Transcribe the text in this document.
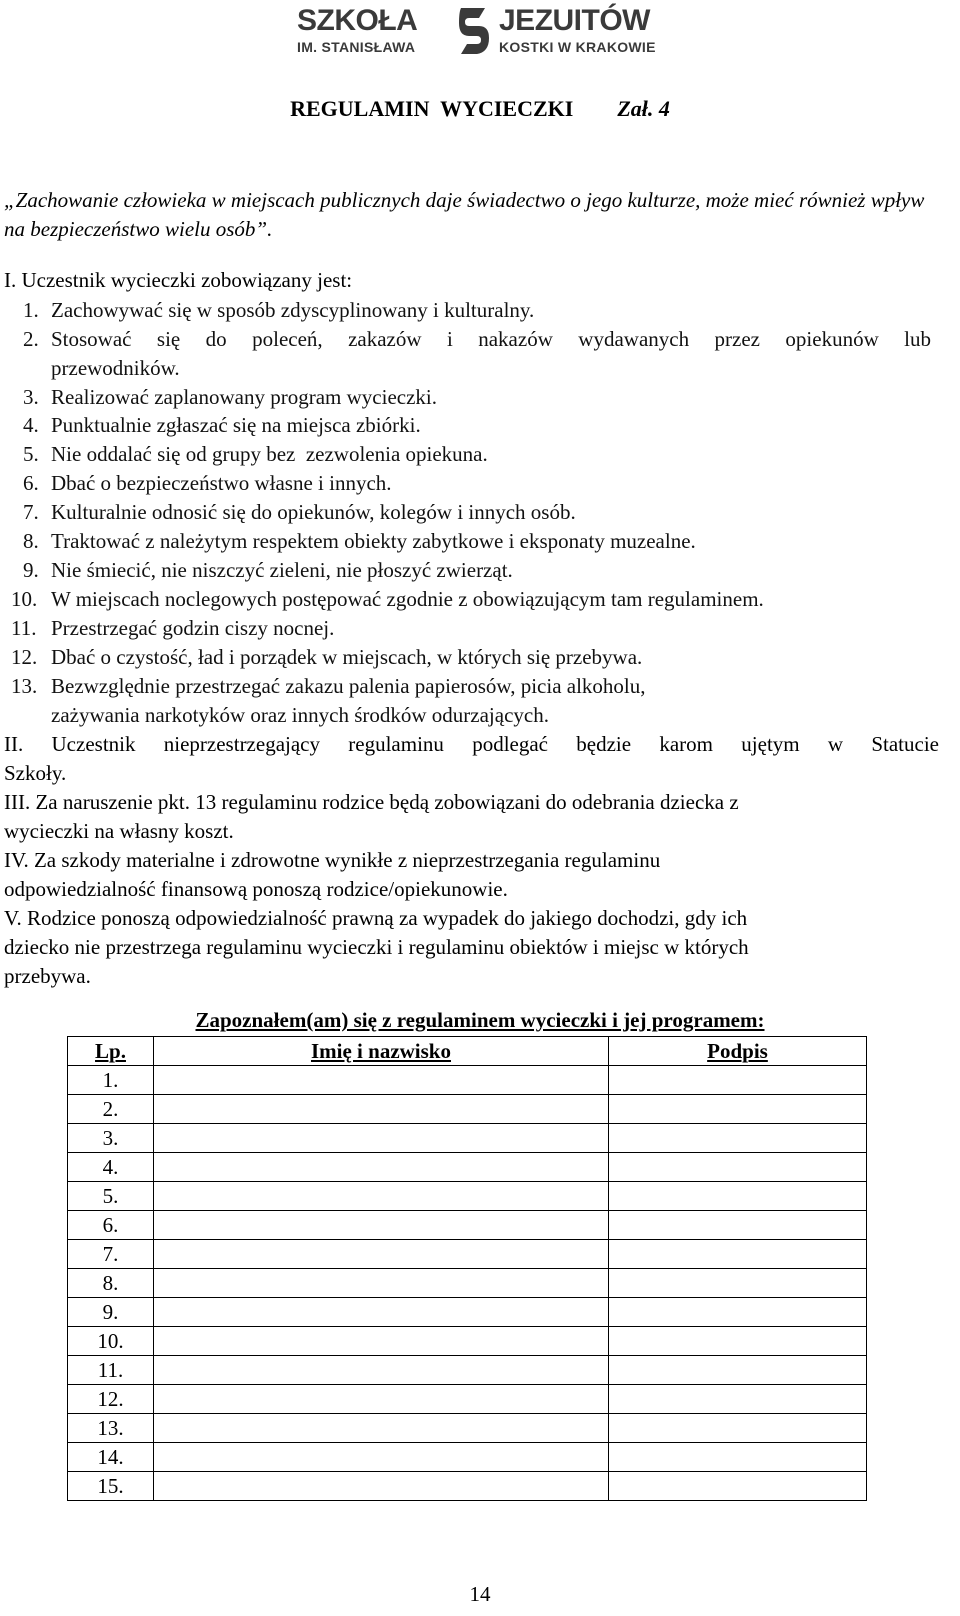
SZKOŁA	JEZUITÓW
IM. STANISŁAWA	KOSTKI W KRAKOWIE
REGULAMIN  WYCIECZKI Zał. 4
„Zachowanie człowieka w miejscach publicznych daje świadectwo o jego kulturze, może mieć również wpływ na bezpieczeństwo wielu osób”.
I. Uczestnik wycieczki zobowiązany jest:
1. Zachowywać się w sposób zdyscyplinowany i kulturalny.
2. Stosować się do poleceń, zakazów i nakazów wydawanych przez opiekunów lub
przewodników.
3. Realizować zaplanowany program wycieczki.
4. Punktualnie zgłaszać się na miejsca zbiórki.
5. Nie oddalać się od grupy bez  zezwolenia opiekuna.
6. Dbać o bezpieczeństwo własne i innych.
7. Kulturalnie odnosić się do opiekunów, kolegów i innych osób.
8. Traktować z należytym respektem obiekty zabytkowe i eksponaty muzealne.
9. Nie śmiecić, nie niszczyć zieleni, nie płoszyć zwierząt.
10. W miejscach noclegowych postępować zgodnie z obowiązującym tam regulaminem.
11. Przestrzegać godzin ciszy nocnej.
12. Dbać o czystość, ład i porządek w miejscach, w których się przebywa.
13. Bezwzględnie przestrzegać zakazu palenia papierosów, picia alkoholu,
zażywania narkotyków oraz innych środków odurzających.
II. Uczestnik nieprzestrzegający regulaminu podlegać będzie karom ujętym w Statucie
Szkoły.
III. Za naruszenie pkt. 13 regulaminu rodzice będą zobowiązani do odebrania dziecka z
wycieczki na własny koszt.
IV. Za szkody materialne i zdrowotne wynikłe z nieprzestrzegania regulaminu
odpowiedzialność finansową ponoszą rodzice/opiekunowie.
V. Rodzice ponoszą odpowiedzialność prawną za wypadek do jakiego dochodzi, gdy ich
dziecko nie przestrzega regulaminu wycieczki i regulaminu obiektów i miejsc w których
przebywa.
Zapoznałem(am) się z regulaminem wycieczki i jej programem:
Lp.	Imię i nazwisko	Podpis
1.		
2.		
3.		
4.		
5.		
6.		
7.		
8.		
9.		
10.		
11.		
12.		
13.		
14.		
15.		
14
